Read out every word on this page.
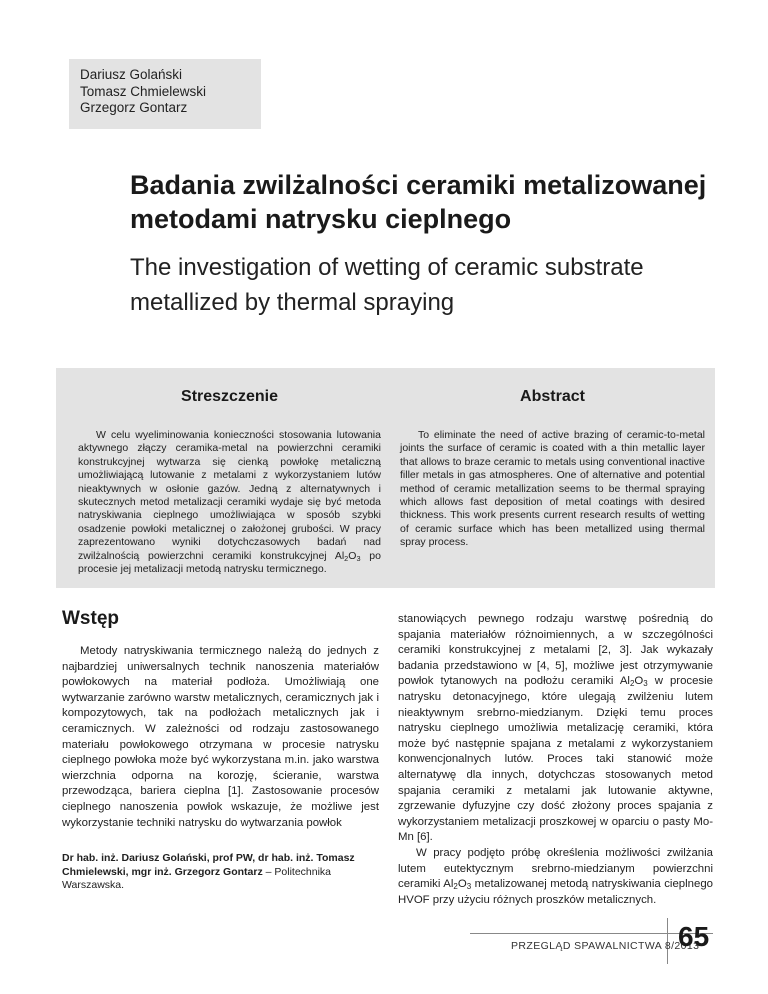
Dariusz Golański
Tomasz Chmielewski
Grzegorz Gontarz
Badania zwilżalności ceramiki metalizowanej metodami natrysku cieplnego
The investigation of wetting of ceramic substrate metallized by thermal spraying
Streszczenie
W celu wyeliminowania konieczności stosowania lutowania aktywnego złączy ceramika-metal na powierzchni ceramiki konstrukcyjnej wytwarza się cienką powłokę metaliczną umożliwiającą lutowanie z metalami z wykorzystaniem lutów nieaktywnych w osłonie gazów. Jedną z alternatywnych i skutecznych metod metalizacji ceramiki wydaje się być metoda natryskiwania cieplnego umożliwiająca w sposób szybki osadzenie powłoki metalicznej o założonej grubości. W pracy zaprezentowano wyniki dotychczasowych badań nad zwilżalnością powierzchni ceramiki konstrukcyjnej $Al_2O_3$ po procesie jej metalizacji metodą natrysku termicznego.
Abstract
To eliminate the need of active brazing of ceramic-to-metal joints the surface of ceramic is coated with a thin metallic layer that allows to braze ceramic to metals using conventional inactive filler metals in gas atmospheres. One of alternative and potential method of ceramic metallization seems to be thermal spraying which allows fast deposition of metal coatings with desired thickness. This work presents current research results of wetting of ceramic surface which has been metallized using thermal spray process.
Wstęp

Metody natryskiwania termicznego należą do jednych z najbardziej uniwersalnych technik nanoszenia materiałów powłokowych na materiał podłoża. Umożliwiają one wytwarzanie zarówno warstw metalicznych, ceramicznych jak i kompozytowych, tak na podłożach metalicznych jak i ceramicznych. W zależności od rodzaju zastosowanego materiału powłokowego otrzymana w procesie natrysku cieplnego powłoka może być wykorzystana m.in. jako warstwa wierzchnia odporna na korozję, ścieranie, warstwa przewodząca, bariera cieplna [1]. Zastosowanie procesów cieplnego nanoszenia powłok wskazuje, że możliwe jest wykorzystanie techniki natrysku do wytwarzania powłok

Dr hab. inż. Dariusz Golański, prof PW, dr hab. inż. Tomasz Chmielewski, mgr inż. Grzegorz Gontarz – Politechnika Warszawska.

stanowiących pewnego rodzaju warstwę pośrednią do spajania materiałów różnoimiennych, a w szczególności ceramiki konstrukcyjnej z metalami [2, 3]. Jak wykazały badania przedstawiono w [4, 5], możliwe jest otrzymywanie powłok tytanowych na podłożu ceramiki $Al_2O_3$ w procesie natrysku detonacyjnego, które ulegają zwilżeniu lutem nieaktywnym srebrno-miedzianym. Dzięki temu proces natrysku cieplnego umożliwia metalizację ceramiki, która może być następnie spajana z metalami z wykorzystaniem konwencjonalnych lutów. Proces taki stanowić może alternatywę dla innych, dotychczas stosowanych metod spajania ceramiki z metalami jak lutowanie aktywne, zgrzewanie dyfuzyjne czy dość złożony proces spajania z wykorzystaniem metalizacji proszkowej w oparciu o pasty Mo-Mn [6].

W pracy podjęto próbę określenia możliwości zwilżania lutem eutektycznym srebrno-miedzianym powierzchni ceramiki $Al_2O_3$ metalizowanej metodą natryskiwania cieplnego HVOF przy użyciu różnych proszków metalicznych.

PRZEGLĄD SPAWALNICTWA 8/2013
65
